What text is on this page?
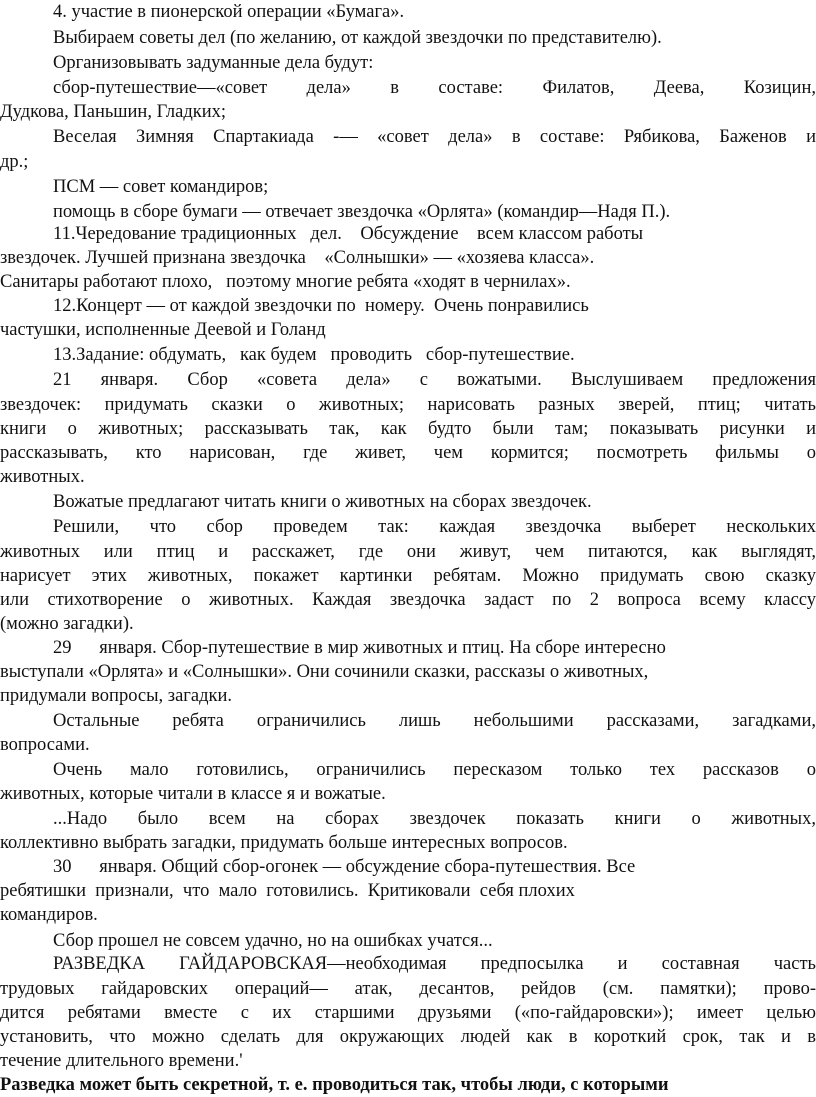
4. участие в пионерской операции «Бумага».
Выбираем советы дел (по желанию, от каждой звездочки по представителю).
Организовывать задуманные дела будут:
сбор-путешествие—«совет дела» в составе: Филатов, Деева, Козицин,
Дудкова, Паньшин, Гладких;
Веселая Зимняя Спартакиада -— «совет дела» в составе: Рябикова, Баженов и
др.;
ПСМ — совет командиров;
помощь в сборе бумаги — отвечает звездочка «Орлята» (командир—Надя П.).
11.Чередование традиционных   дел.    Обсуждение    всем классом работы
звездочек. Лучшей признана звездочка    «Солнышки» — «хозяева класса».
Санитары работают плохо,   поэтому многие ребята «ходят в чернилах».
12.Концерт — от каждой звездочки по  номеру.  Очень понравились
частушки, исполненные Деевой и Голанд
13.Задание: обдумать,   как будем   проводить   сбор-путешествие.
21 января. Сбор «совета дела» с вожатыми. Выслушиваем предложения
звездочек: придумать сказки о животных; нарисовать разных зверей, птиц; читать
книги о животных; рассказывать так, как будто были там; показывать рисунки и
рассказывать, кто нарисован, где живет, чем кормится; посмотреть фильмы о
животных.
Вожатые предлагают читать книги о животных на сборах звездочек.
Решили, что сбор проведем так: каждая звездочка выберет нескольких
животных или птиц и расскажет, где они живут, чем питаются, как выглядят,
нарисует этих животных, покажет картинки ребятам. Можно придумать свою сказку
или стихотворение о животных. Каждая звездочка задаст по 2 вопроса всему классу
(можно загадки).
29      января. Сбор-путешествие в мир животных и птиц. На сборе интересно
выступали «Орлята» и «Солнышки». Они сочинили сказки, рассказы о животных,
придумали вопросы, загадки.
Остальные ребята ограничились лишь небольшими рассказами, загадками,
вопросами.
Очень мало готовились, ограничились пересказом только тех рассказов о
животных, которые читали в классе я и вожатые.
...Надо было всем на сборах звездочек показать книги о животных,
коллективно выбрать загадки, придумать больше интересных вопросов.
30      января. Общий сбор-огонек — обсуждение сбора-путешествия. Все
ребятишки  признали,  что  мало  готовились.  Критиковали  себя плохих
командиров.
Сбор прошел не совсем удачно, но на ошибках учатся...
РАЗВЕДКА ГАЙДАРОВСКАЯ—необходимая предпосылка и составная часть
трудовых гайдаровских операций— атак, десантов, рейдов (см. памятки); прово-
дится ребятами вместе с их старшими друзьями («по-гайдаровски»); имеет целью
установить, что можно сделать для окружающих людей как в короткий срок, так и в
течение длительного времени.'
Разведка может быть секретной, т. е. проводиться так, чтобы люди, с которыми
